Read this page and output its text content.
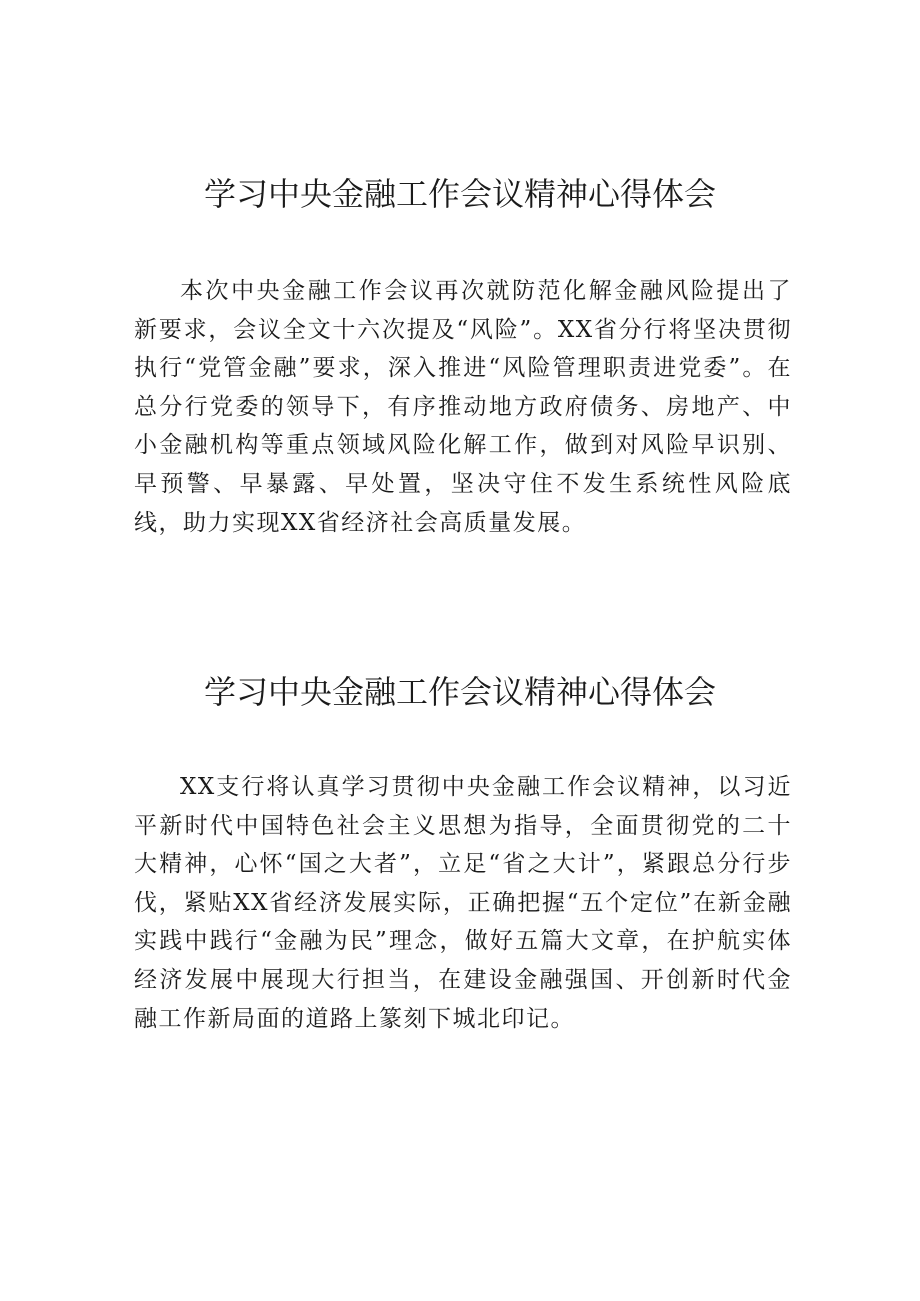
学习中央金融工作会议精神心得体会

本次中央金融工作会议再次就防范化解金融风险提出了新要求，会议全文十六次提及“风险”。XX省分行将坚决贯彻执行“党管金融”要求，深入推进“风险管理职责进党委”。在总分行党委的领导下，有序推动地方政府债务、房地产、中小金融机构等重点领域风险化解工作，做到对风险早识别、早预警、早暴露、早处置，坚决守住不发生系统性风险底线，助力实现XX省经济社会高质量发展。

学习中央金融工作会议精神心得体会

XX支行将认真学习贯彻中央金融工作会议精神，以习近平新时代中国特色社会主义思想为指导，全面贯彻党的二十大精神，心怀“国之大者”，立足“省之大计”，紧跟总分行步伐，紧贴XX省经济发展实际，正确把握“五个定位”在新金融实践中践行“金融为民”理念，做好五篇大文章，在护航实体经济发展中展现大行担当，在建设金融强国、开创新时代金融工作新局面的道路上篆刻下城北印记。
